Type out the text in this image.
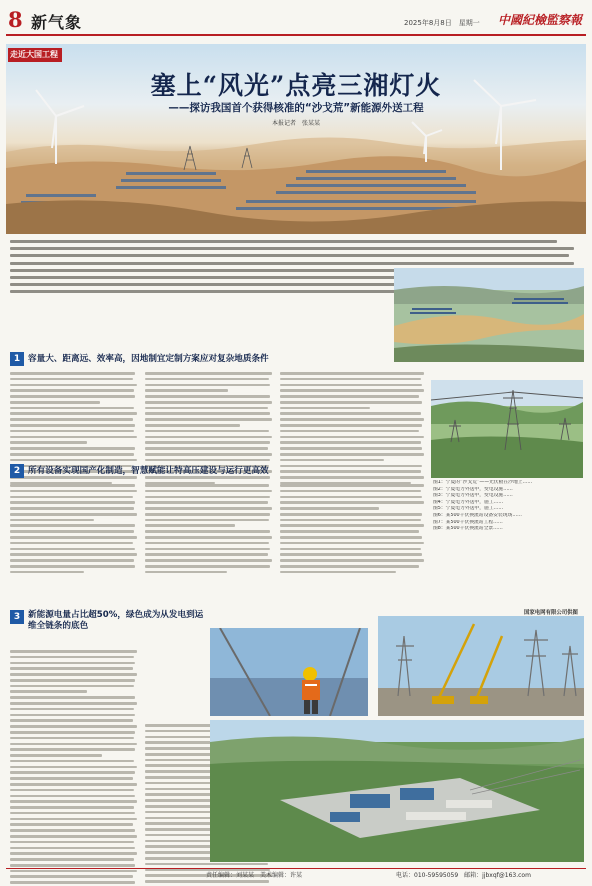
8 新气象	2025年8月8日　星期一 中國紀檢監察報
走近大国工程
塞上“风光”点亮三湘灯火
——探访我国首个获得核准的“沙戈荒”新能源外送工程
本报记者　张某某
1 容量大、距离远、效率高，因地制宜定制方案应对复杂地质条件
2 所有设备实现国产化制造，智慧赋能让特高压建设与运行更高效
图1：宁夏的“沙戈荒”——光伏板在沙地上……
图2：宁夏电力外送中，变电设施……
图3：宁夏电力外送中，变电设施……
图4：宁夏电力外送中，施工……
图5：宁夏电力外送中，施工……
图6：某500千伏换流站设备安装现场……
图7：某500千伏换流站工程……
图8：某500千伏换流站全景……
国家电网有限公司供图
3 新能源电量占比超50%，绿色成为从发电到运维全链条的底色
责任编辑：刘某某　美术编辑：许某	电话：010-59595059　邮箱：jjbxqf@163.com
